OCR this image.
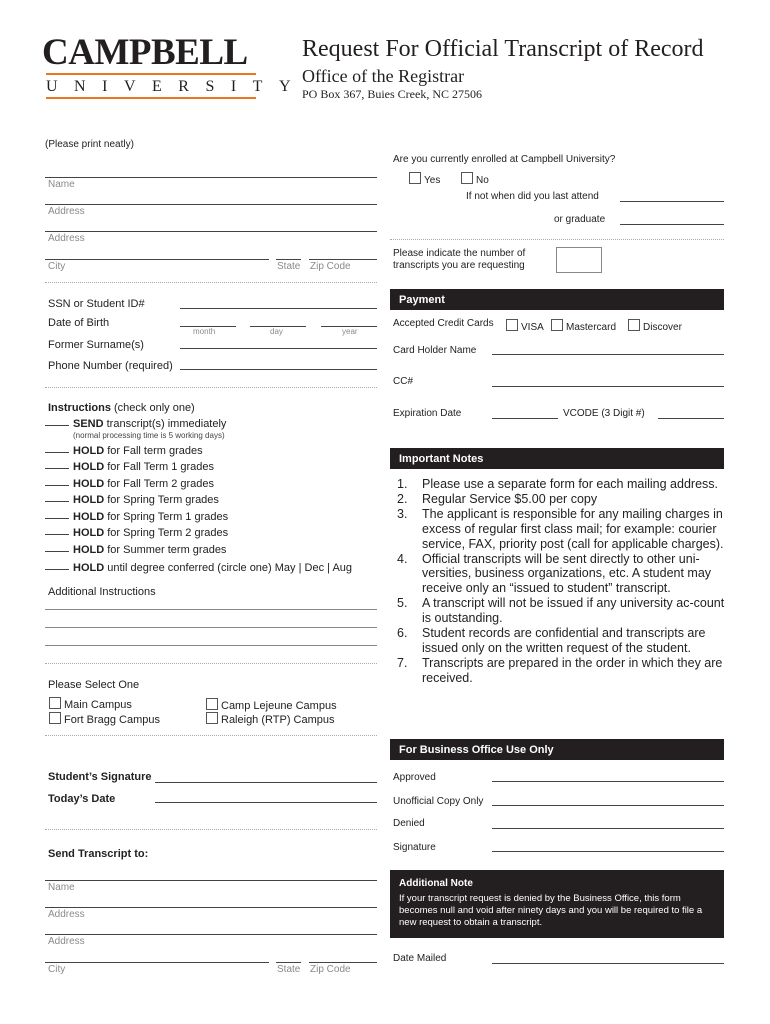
CAMPBELL
UNIVERSITY
Request For Official Transcript of Record
Office of the Registrar
PO Box 367, Buies Creek, NC 27506
(Please print neatly)
Name
Address
Address
City	State Zip Code
SSN or Student ID#
Date of Birth
month	day	year
Former Surname(s)
Phone Number (required)
Instructions (check only one)
SEND transcript(s) immediately
(normal processing time is 5 working days)
HOLD for Fall term grades
HOLD for Fall Term 1 grades
HOLD for Fall Term 2 grades
HOLD for Spring Term grades
HOLD for Spring Term 1 grades
HOLD for Spring Term 2 grades
HOLD for Summer term grades
HOLD until degree conferred (circle one) May | Dec | Aug
Additional Instructions
Please Select One
Main Campus
Fort Bragg Campus
Camp Lejeune Campus
Raleigh (RTP) Campus
Student’s Signature
Today’s Date
Send Transcript to:
Name
Address
Address
City	State Zip Code
Are you currently enrolled at Campbell University?
Yes	No
If not when did you last attend
or graduate
Please indicate the number of
transcripts you are requesting
Payment
Accepted Credit Cards	VISA	Mastercard	Discover
Card Holder Name
CC#
Expiration Date	VCODE (3 Digit #)
Important Notes
1. Please use a separate form for each mailing address.
2. Regular Service $5.00 per copy
3. The applicant is responsible for any mailing charges in excess of regular first class mail; for example: courier service, FAX, priority post (call for applicable charges).
4. Official transcripts will be sent directly to other uni-versities, business organizations, etc. A student may receive only an “issued to student” transcript.
5. A transcript will not be issued if any university ac-count is outstanding.
6. Student records are confidential and transcripts are issued only on the written request of the student.
7. Transcripts are prepared in the order in which they are received.
For Business Office Use Only
Approved
Unofficial Copy Only
Denied
Signature
Additional Note
If your transcript request is denied by the Business Office, this form becomes null and void after ninety days and you will be required to file a new request to obtain a transcript.
Date Mailed
